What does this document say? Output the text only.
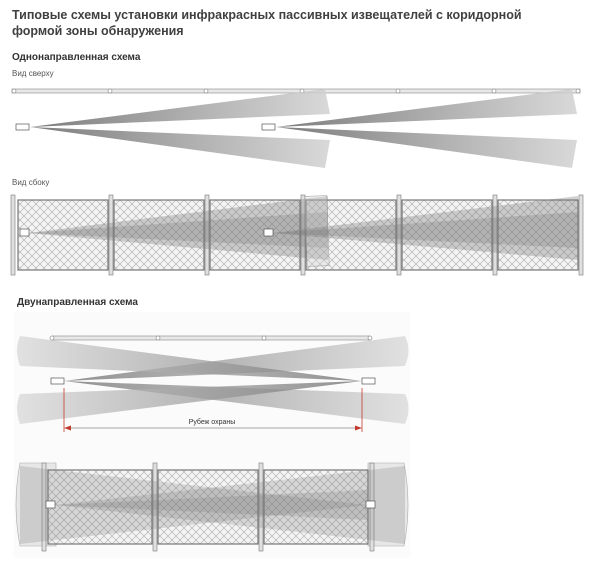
Типовые схемы установки инфракрасных пассивных извещателей с коридорной формой зоны обнаружения
Однонаправленная схема
Вид сверху
Вид сбоку
Двунаправленная схема
Рубеж охраны
